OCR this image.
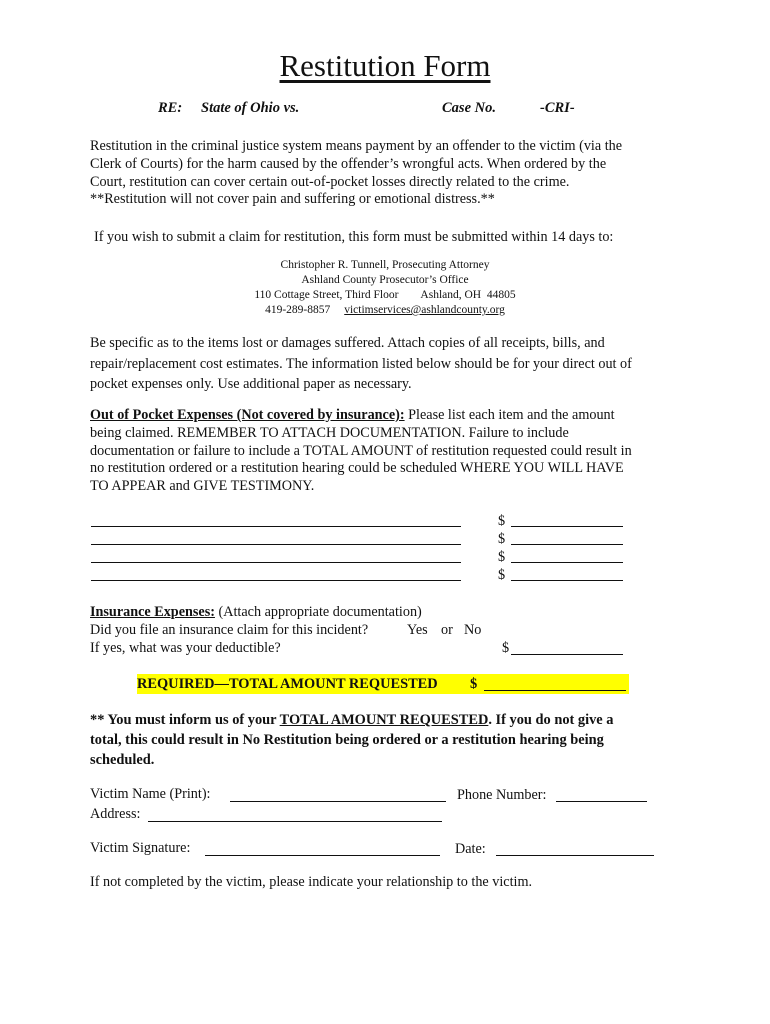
Restitution Form
RE: State of Ohio vs.	Case No.	-CRI-
Restitution in the criminal justice system means payment by an offender to the victim (via the
Clerk of Courts) for the harm caused by the offender’s wrongful acts. When ordered by the
Court, restitution can cover certain out-of-pocket losses directly related to the crime.
**Restitution will not cover pain and suffering or emotional distress.**
If you wish to submit a claim for restitution, this form must be submitted within 14 days to:
Christopher R. Tunnell, Prosecuting Attorney
Ashland County Prosecutor’s Office
110 Cottage Street, Third Floor Ashland, OH  44805
419-289-8857 victimservices@ashlandcounty.org
Be specific as to the items lost or damages suffered. Attach copies of all receipts, bills, and
repair/replacement cost estimates. The information listed below should be for your direct out of
pocket expenses only. Use additional paper as necessary.
Out of Pocket Expenses (Not covered by insurance): Please list each item and the amount
being claimed. REMEMBER TO ATTACH DOCUMENTATION. Failure to include
documentation or failure to include a TOTAL AMOUNT of restitution requested could result in
no restitution ordered or a restitution hearing could be scheduled WHERE YOU WILL HAVE
TO APPEAR and GIVE TESTIMONY.
$
$
$
$
Insurance Expenses: (Attach appropriate documentation)
Did you file an insurance claim for this incident?	Yes or No
If yes, what was your deductible?	$
REQUIRED—TOTAL AMOUNT REQUESTED $
** You must inform us of your TOTAL AMOUNT REQUESTED. If you do not give a
total, this could result in No Restitution being ordered or a restitution hearing being
scheduled.
Victim Name (Print):	Phone Number:
Address:
Victim Signature:	Date:
If not completed by the victim, please indicate your relationship to the victim.
